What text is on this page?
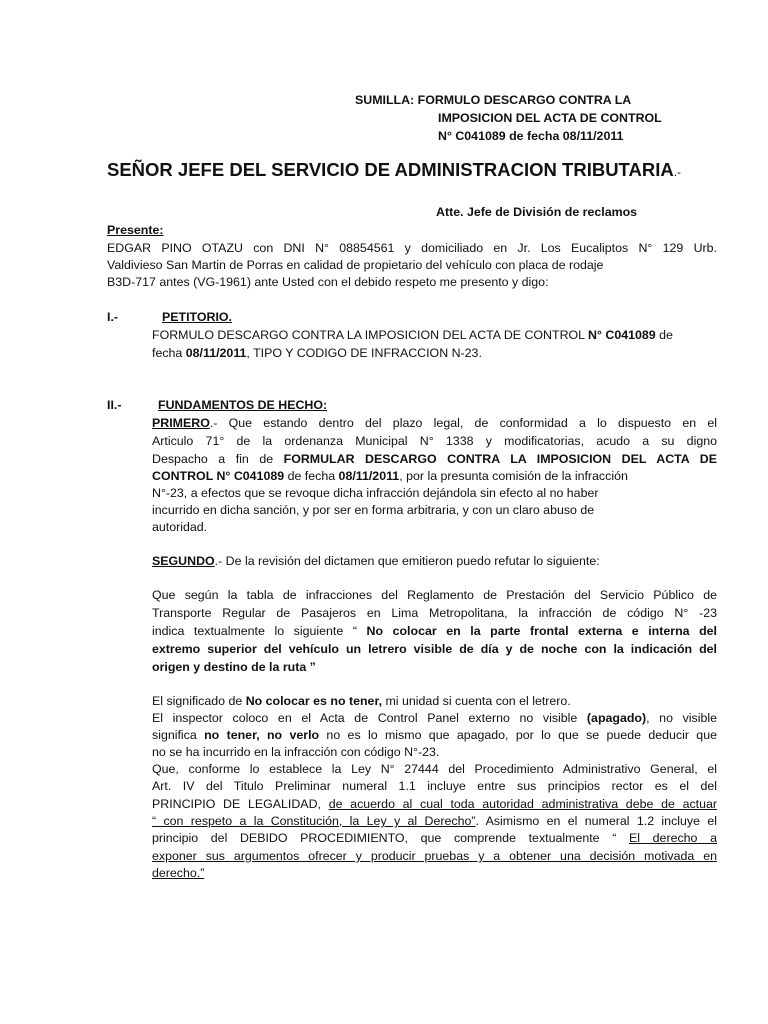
SUMILLA: FORMULO DESCARGO CONTRA LA
IMPOSICION DEL ACTA DE CONTROL
N° C041089 de fecha 08/11/2011
SEÑOR JEFE DEL SERVICIO DE ADMINISTRACION TRIBUTARIA.-
Atte. Jefe de División de reclamos
Presente:
EDGAR PINO OTAZU con DNI N° 08854561 y domiciliado en Jr. Los Eucaliptos N° 129 Urb.
Valdivieso San Martin de Porras en calidad de propietario del vehículo con placa de rodaje
B3D-717 antes (VG-1961) ante Usted con el debido respeto me presento y digo:
I.-	PETITORIO.
FORMULO DESCARGO CONTRA LA IMPOSICION DEL ACTA DE CONTROL N° C041089 de
fecha 08/11/2011, TIPO Y CODIGO DE INFRACCION N-23.
II.-	FUNDAMENTOS DE HECHO:
PRIMERO.- Que estando dentro del plazo legal, de conformidad a lo dispuesto en el
Articulo 71° de la ordenanza Municipal N° 1338 y modificatorias, acudo a su digno
Despacho a fin de FORMULAR DESCARGO CONTRA LA IMPOSICION DEL ACTA DE
CONTROL N° C041089 de fecha 08/11/2011, por la presunta comisión de la infracción
N°-23, a efectos que se revoque dicha infracción dejándola sin efecto al no haber
incurrido en dicha sanción, y por ser en forma arbitraria, y con un claro abuso de
autoridad.
SEGUNDO.- De la revisión del dictamen que emitieron puedo refutar lo siguiente:
Que según la tabla de infracciones del Reglamento de Prestación del Servicio Público de
Transporte Regular de Pasajeros en Lima Metropolitana, la infracción de código N° -23
indica textualmente lo siguiente “ No colocar en la parte frontal externa e interna del
extremo superior del vehículo un letrero visible de día y de noche con la indicación del
origen y destino de la ruta ”
El significado de No colocar es no tener, mi unidad si cuenta con el letrero.
El inspector coloco en el Acta de Control Panel externo no visible (apagado), no visible
significa no tener, no verlo no es lo mismo que apagado, por lo que se puede deducir que
no se ha incurrido en la infracción con código N°-23.
Que, conforme lo establece la Ley N° 27444 del Procedimiento Administrativo General, el
Art. IV del Titulo Preliminar numeral 1.1 incluye entre sus principios rector es el del
PRINCIPIO DE LEGALIDAD, de acuerdo al cual toda autoridad administrativa debe de actuar
“ con respeto a la Constitución, la Ley y al Derecho”. Asimismo en el numeral 1.2 incluye el
principio del DEBIDO PROCEDIMIENTO, que comprende textualmente “ El derecho a
exponer sus argumentos ofrecer y producir pruebas y a obtener una decisión motivada en
derecho.”
